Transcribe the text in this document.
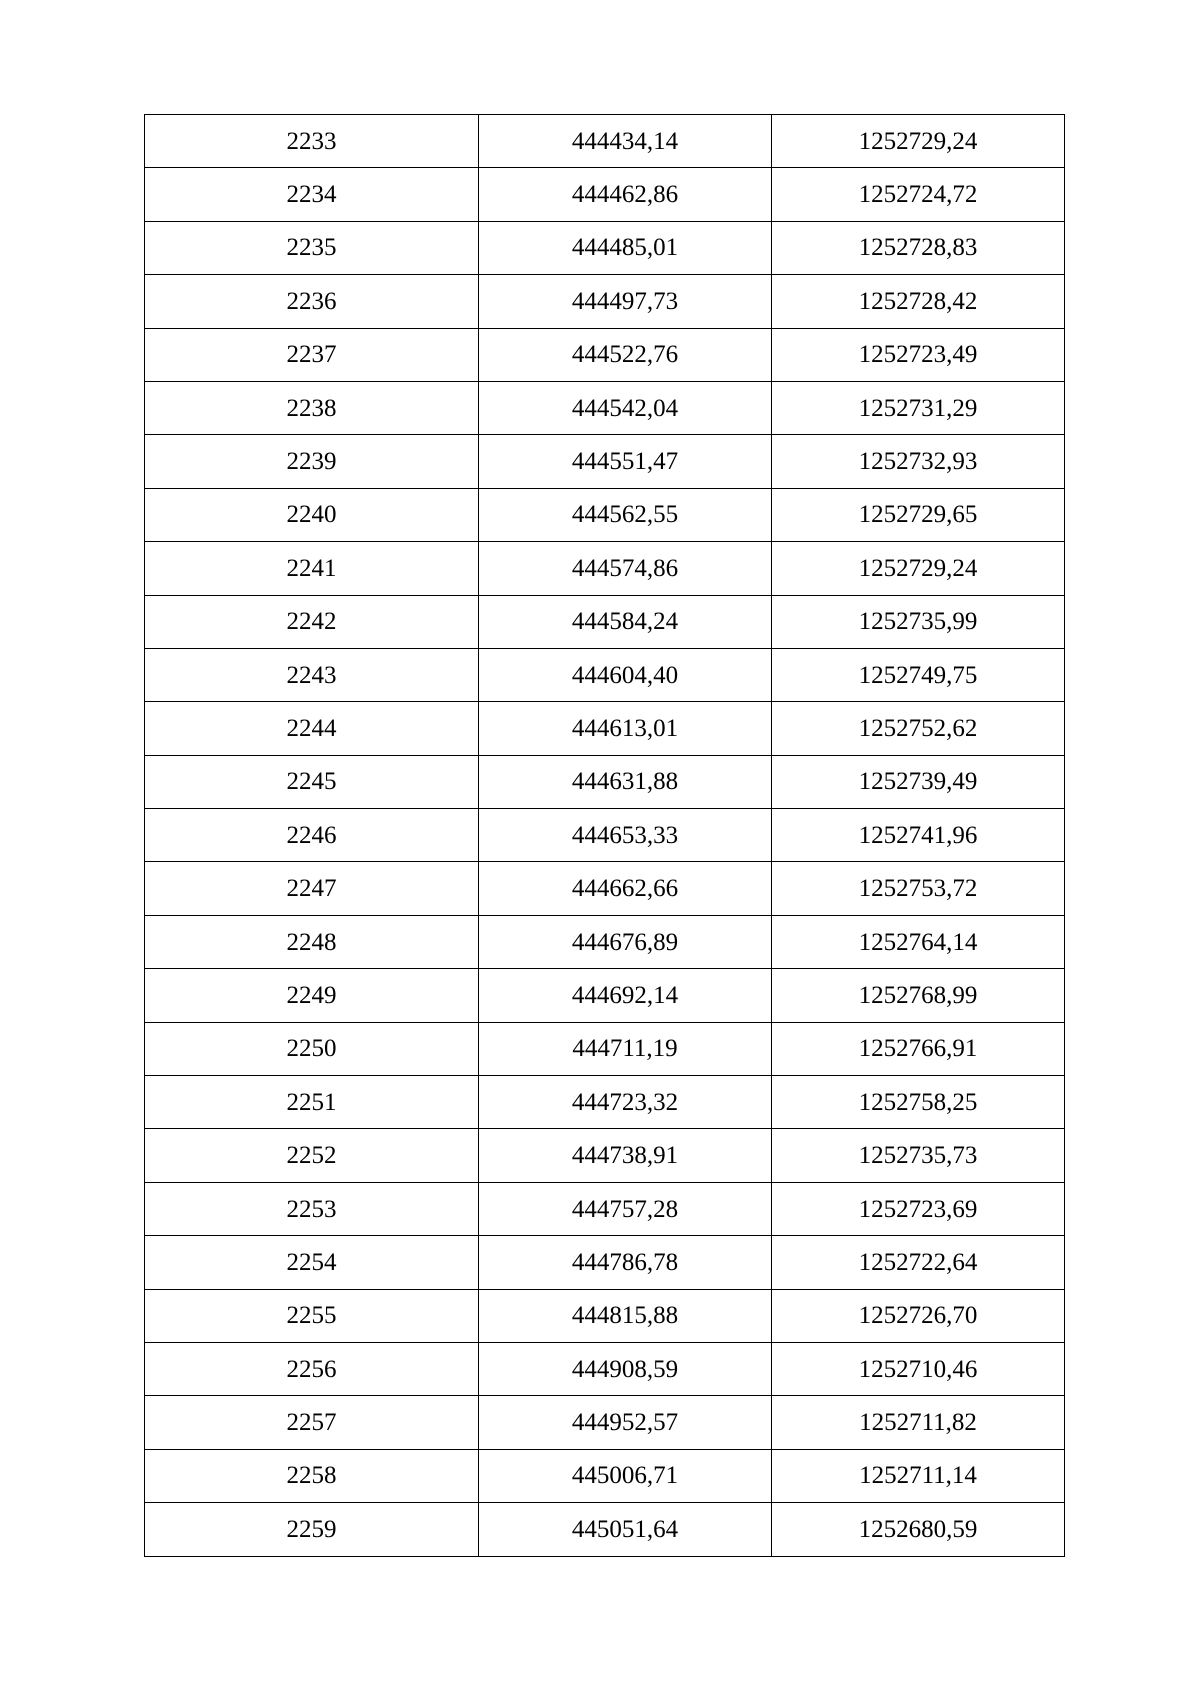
2233	444434,14	1252729,24
2234	444462,86	1252724,72
2235	444485,01	1252728,83
2236	444497,73	1252728,42
2237	444522,76	1252723,49
2238	444542,04	1252731,29
2239	444551,47	1252732,93
2240	444562,55	1252729,65
2241	444574,86	1252729,24
2242	444584,24	1252735,99
2243	444604,40	1252749,75
2244	444613,01	1252752,62
2245	444631,88	1252739,49
2246	444653,33	1252741,96
2247	444662,66	1252753,72
2248	444676,89	1252764,14
2249	444692,14	1252768,99
2250	444711,19	1252766,91
2251	444723,32	1252758,25
2252	444738,91	1252735,73
2253	444757,28	1252723,69
2254	444786,78	1252722,64
2255	444815,88	1252726,70
2256	444908,59	1252710,46
2257	444952,57	1252711,82
2258	445006,71	1252711,14
2259	445051,64	1252680,59
